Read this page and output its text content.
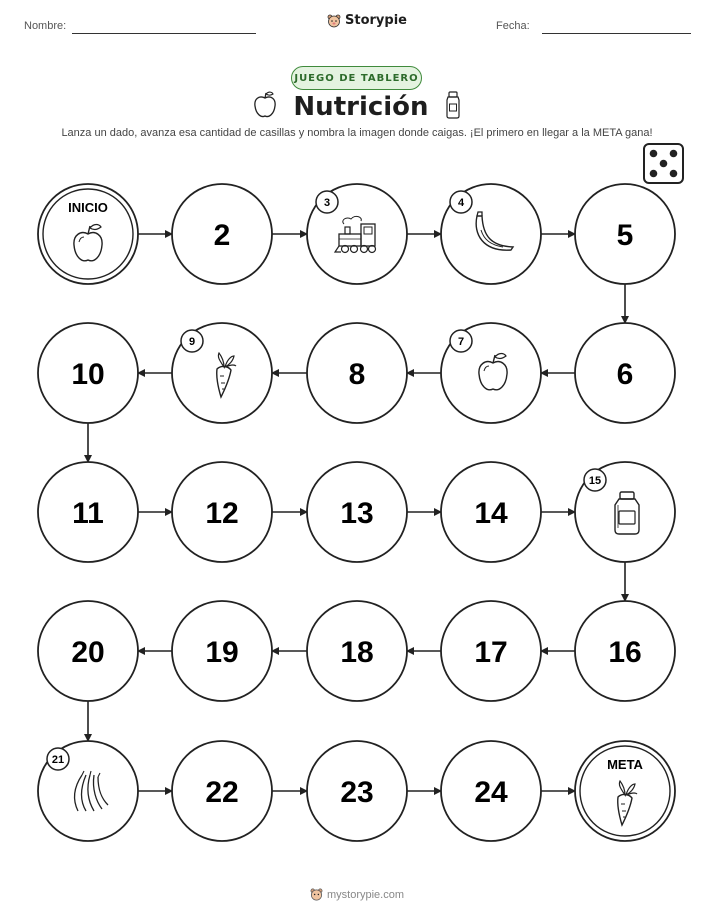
Nombre:	Storypie	Fecha:
JUEGO DE TABLERO
Nutrición
Lanza un dado, avanza esa cantidad de casillas y nombra la imagen donde caigas. ¡El primero en llegar a la META gana!
INICIO
2
3	4
5
10
9
8
7
6
11	12	13	14
15
20	19	18	17	16
21
22	23	24
META
mystorypie.com
